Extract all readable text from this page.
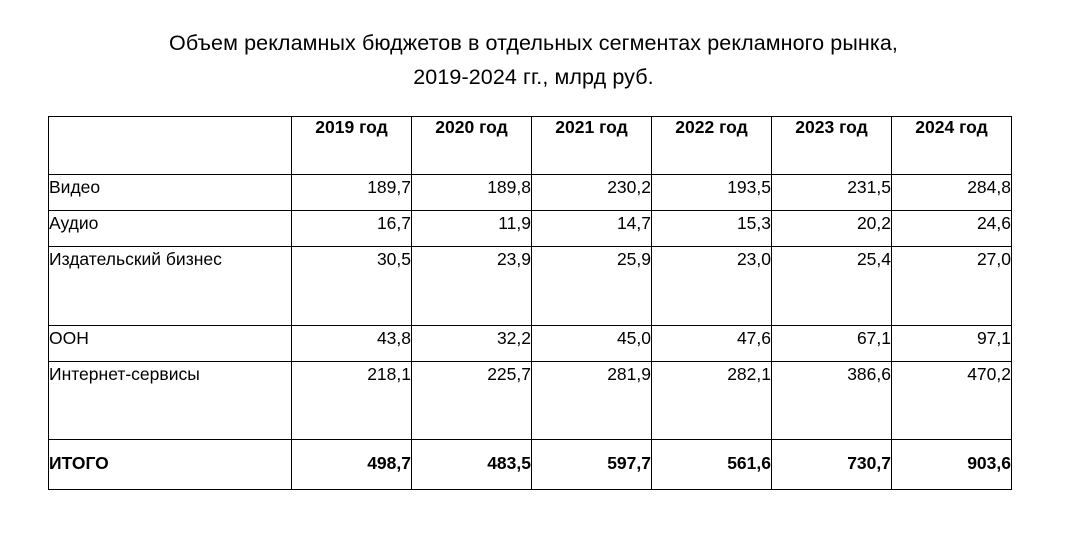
Объем рекламных бюджетов в отдельных сегментах рекламного рынка,
2019-2024 гг., млрд руб.
	2019 год	2020 год	2021 год	2022 год	2023 год	2024 год
Видео	189,7	189,8	230,2	193,5	231,5	284,8
Аудио	16,7	11,9	14,7	15,3	20,2	24,6
Издательский бизнес	30,5	23,9	25,9	23,0	25,4	27,0
ООН	43,8	32,2	45,0	47,6	67,1	97,1
Интернет-сервисы	218,1	225,7	281,9	282,1	386,6	470,2
ИТОГО	498,7	483,5	597,7	561,6	730,7	903,6
